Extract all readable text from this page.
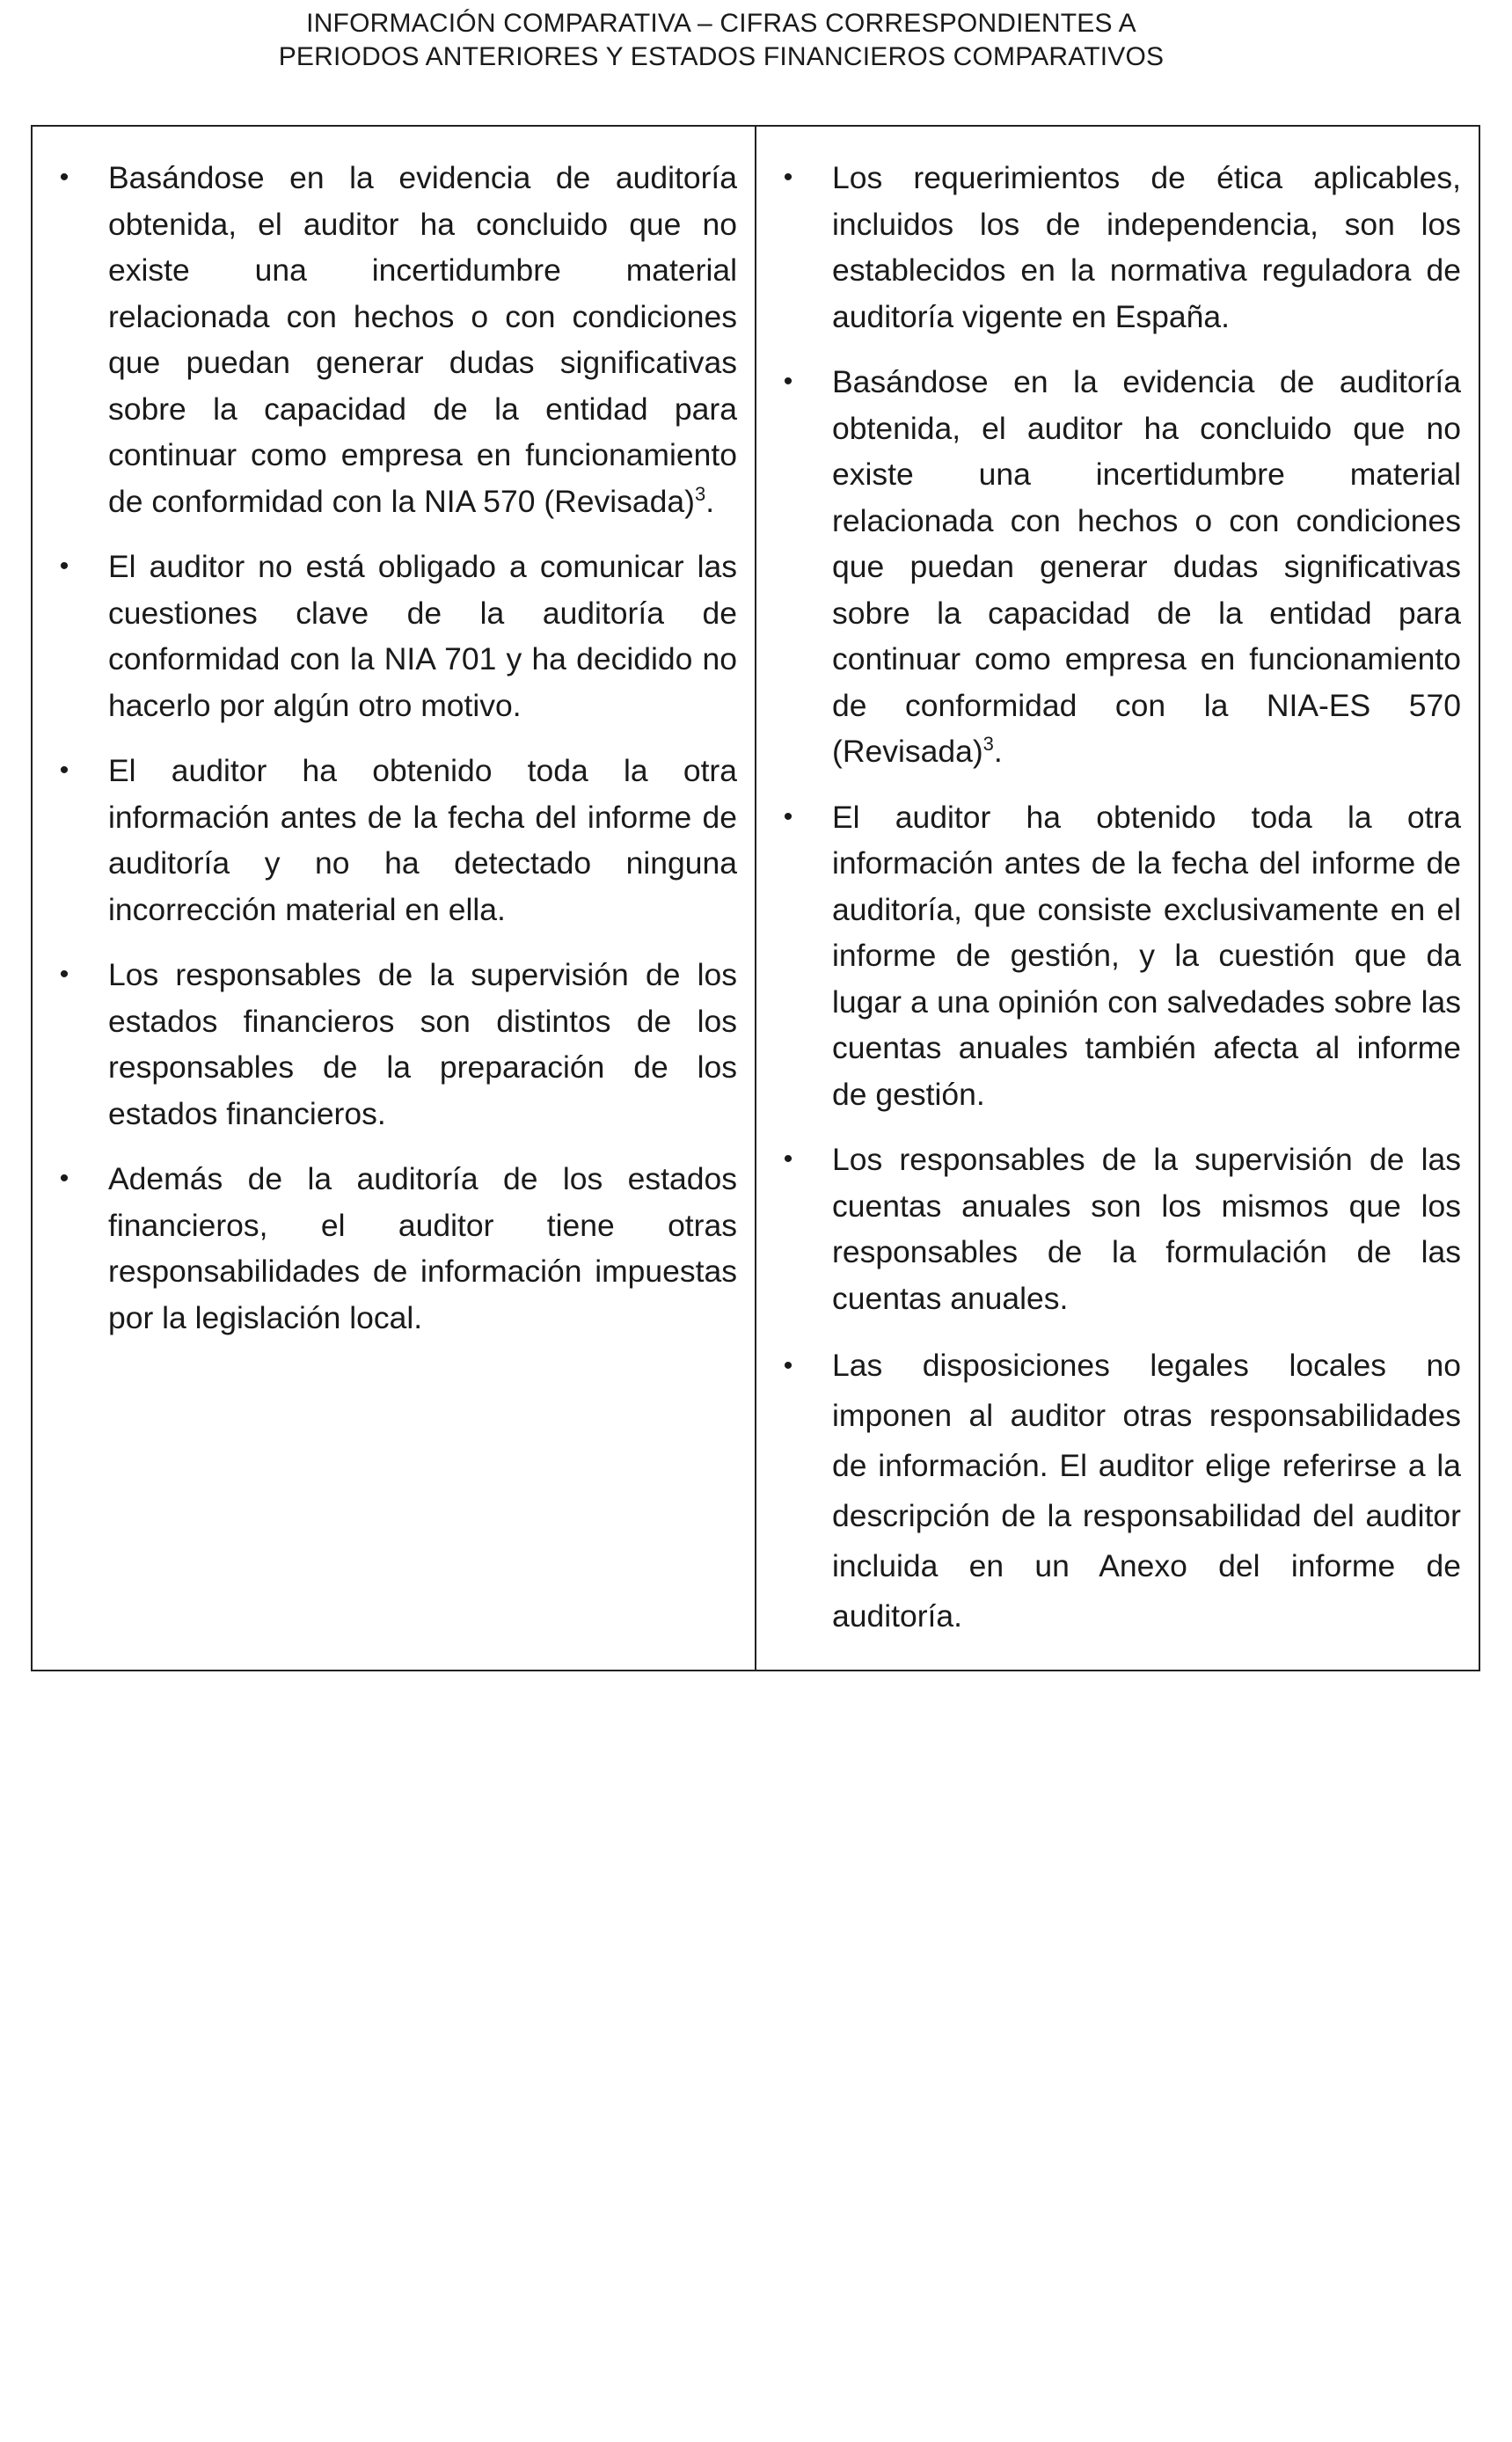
INFORMACIÓN COMPARATIVA – CIFRAS CORRESPONDIENTES A
PERIODOS ANTERIORES Y ESTADOS FINANCIEROS COMPARATIVOS

• Basándose en la evidencia de auditoría obtenida, el auditor ha concluido que no existe una incertidumbre material relacionada con hechos o con condiciones que puedan generar dudas significativas sobre la capacidad de la entidad para continuar como empresa en funcionamiento de conformidad con la NIA 570 (Revisada)$^3$.

• El auditor no está obligado a comunicar las cuestiones clave de la auditoría de conformidad con la NIA 701 y ha decidido no hacerlo por algún otro motivo.

• El auditor ha obtenido toda la otra información antes de la fecha del informe de auditoría y no ha detectado ninguna incorrección material en ella.

• Los responsables de la supervisión de los estados financieros son distintos de los responsables de la preparación de los estados financieros.

• Además de la auditoría de los estados financieros, el auditor tiene otras responsabilidades de información impuestas por la legislación local.

• Los requerimientos de ética aplicables, incluidos los de independencia, son los establecidos en la normativa reguladora de auditoría vigente en España.

• Basándose en la evidencia de auditoría obtenida, el auditor ha concluido que no existe una incertidumbre material relacionada con hechos o con condiciones que puedan generar dudas significativas sobre la capacidad de la entidad para continuar como empresa en funcionamiento de conformidad con la NIA-ES 570 (Revisada)$^3$.

• El auditor ha obtenido toda la otra información antes de la fecha del informe de auditoría, que consiste exclusivamente en el informe de gestión, y la cuestión que da lugar a una opinión con salvedades sobre las cuentas anuales también afecta al informe de gestión.

• Los responsables de la supervisión de las cuentas anuales son los mismos que los responsables de la formulación de las cuentas anuales.

• Las disposiciones legales locales no imponen al auditor otras responsabilidades de información. El auditor elige referirse a la descripción de la responsabilidad del auditor incluida en un Anexo del informe de auditoría.
